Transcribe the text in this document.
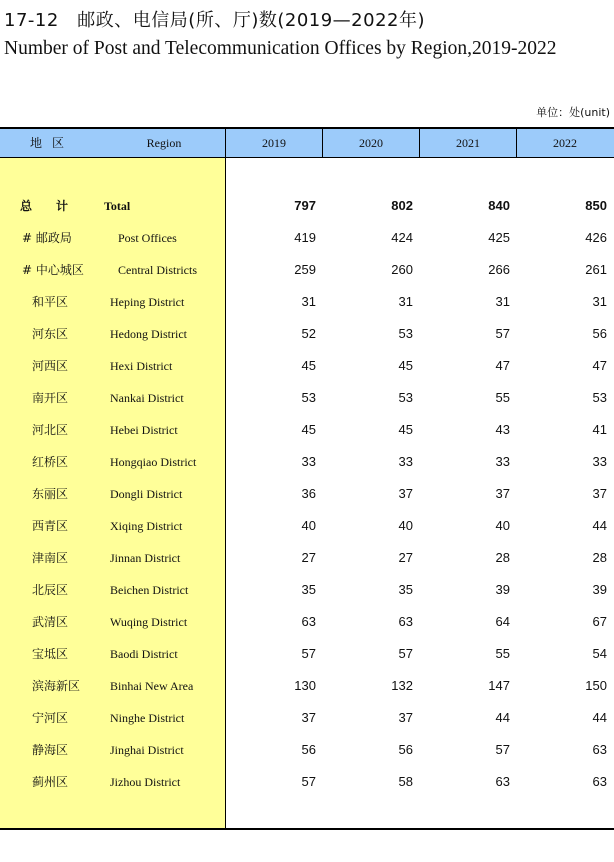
17-12　邮政、电信局(所、厅)数(2019—2022年)
Number of Post and Telecommunication Offices by Region,2019-2022
单位：处(unit)
地区	Region	2019	2020	2021	2022
总　计 Total	797	802	840	850
# 邮政局	Post Offices	419	424	425	426
# 中心城区	Central Districts	259	260	266	261
和平区	Heping District	31	31	31	31
河东区	Hedong District	52	53	57	56
河西区	Hexi District	45	45	47	47
南开区	Nankai District	53	53	55	53
河北区	Hebei District	45	45	43	41
红桥区	Hongqiao District	33	33	33	33
东丽区	Dongli District	36	37	37	37
西青区	Xiqing District	40	40	40	44
津南区	Jinnan District	27	27	28	28
北辰区	Beichen District	35	35	39	39
武清区	Wuqing District	63	63	64	67
宝坻区	Baodi District	57	57	55	54
滨海新区 Binhai New Area	130	132	147	150
宁河区	Ninghe District	37	37	44	44
静海区	Jinghai District	56	56	57	63
蓟州区	Jizhou District	57	58	63	63
